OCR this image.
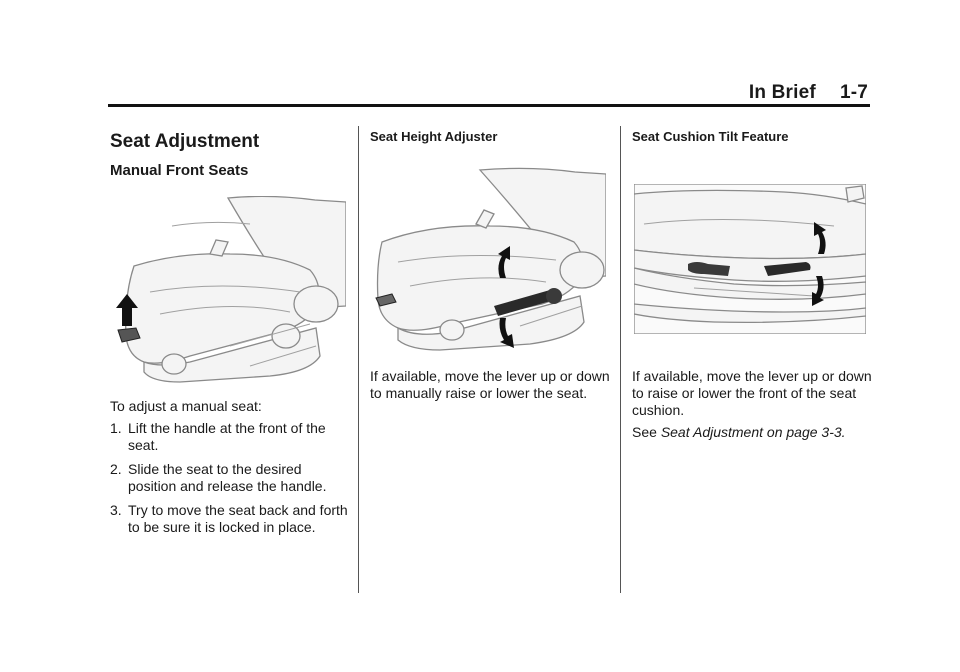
In Brief 1-7
Seat Adjustment
Manual Front Seats

To adjust a manual seat:

1. Lift the handle at the front of the seat.
2. Slide the seat to the desired position and release the handle.
3. Try to move the seat back and forth to be sure it is locked in place.
Seat Height Adjuster

If available, move the lever up or down to manually raise or lower the seat.

Seat Cushion Tilt Feature

If available, move the lever up or down to raise or lower the front of the seat cushion.

See Seat Adjustment on page 3-3.
